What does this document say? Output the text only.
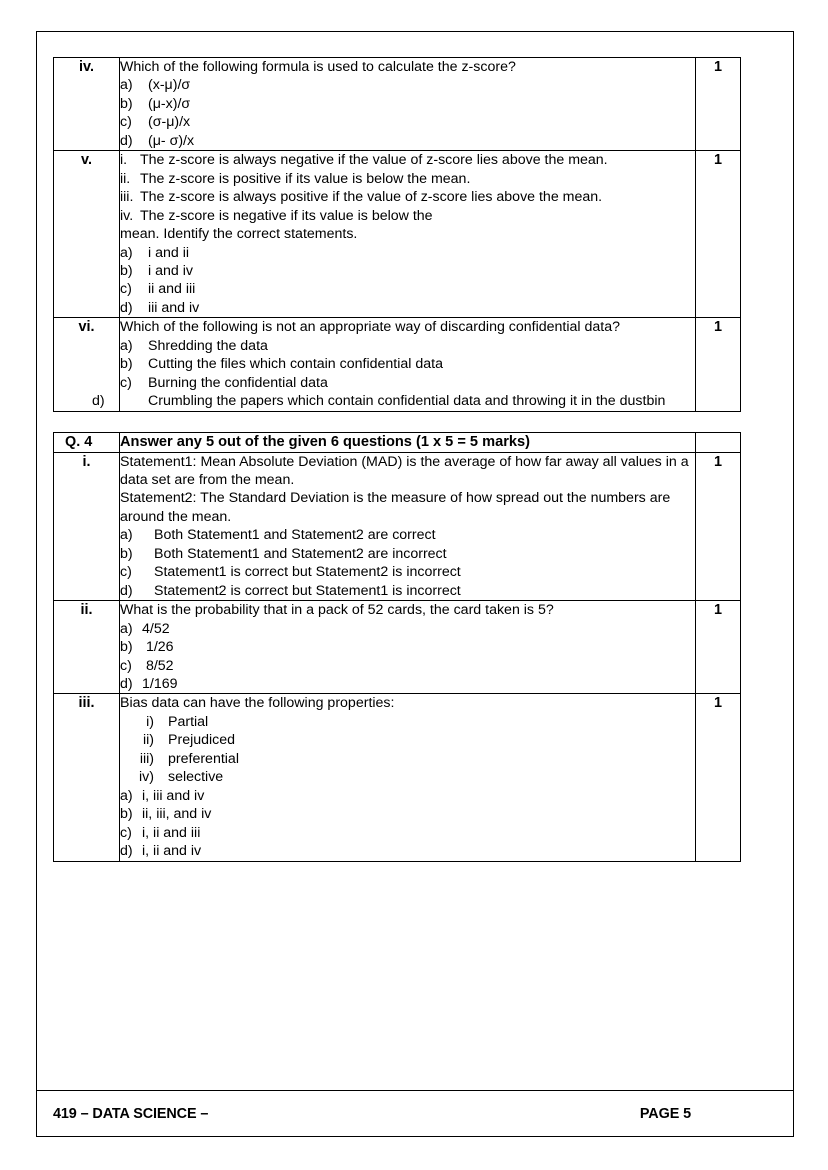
iv.	Which of the following formula is used to calculate the z-score?

a) (x-μ)/σ
b) (μ-x)/σ
c) (σ-μ)/x
d) (μ- σ)/x
	1
v.	i. The z-score is always negative if the value of z-score lies above the mean.

ii. The z-score is positive if its value is below the mean.

iii. The z-score is always positive if the value of z-score lies above the mean.

iv. The z-score is negative if its value is below the

mean. Identify the correct statements.

a) i and ii
b) i and iv
c) ii and iii
d) iii and iv
	1
vi.	Which of the following is not an appropriate way of discarding confidential data?

a) Shredding the data
b) Cutting the files which contain confidential data
c) Burning the confidential data
d)	Crumbling the papers which contain confidential data and throwing it in the dustbin
	1
Q. 4	Answer any 5 out of the given 6 questions (1 x 5 = 5 marks)	
i.	Statement1: Mean Absolute Deviation (MAD) is the average of how far away all values in a data set are from the mean.

Statement2: The Standard Deviation is the measure of how spread out the numbers are around the mean.

a) Both Statement1 and Statement2 are correct
b) Both Statement1 and Statement2 are incorrect
c) Statement1 is correct but Statement2 is incorrect
d) Statement2 is correct but Statement1 is incorrect
	1
ii.	What is the probability that in a pack of 52 cards, the card taken is 5?

a) 4/52
b) 1/26
c) 8/52
d) 1/169
	1
iii.	Bias data can have the following properties:

i) Partial
ii) Prejudiced
iii) preferential
iv) selective
a) i, iii and iv
b) ii, iii, and iv
c) i, ii and iii
d) i, ii and iv
	1
419 – DATA SCIENCE –	PAGE 5
